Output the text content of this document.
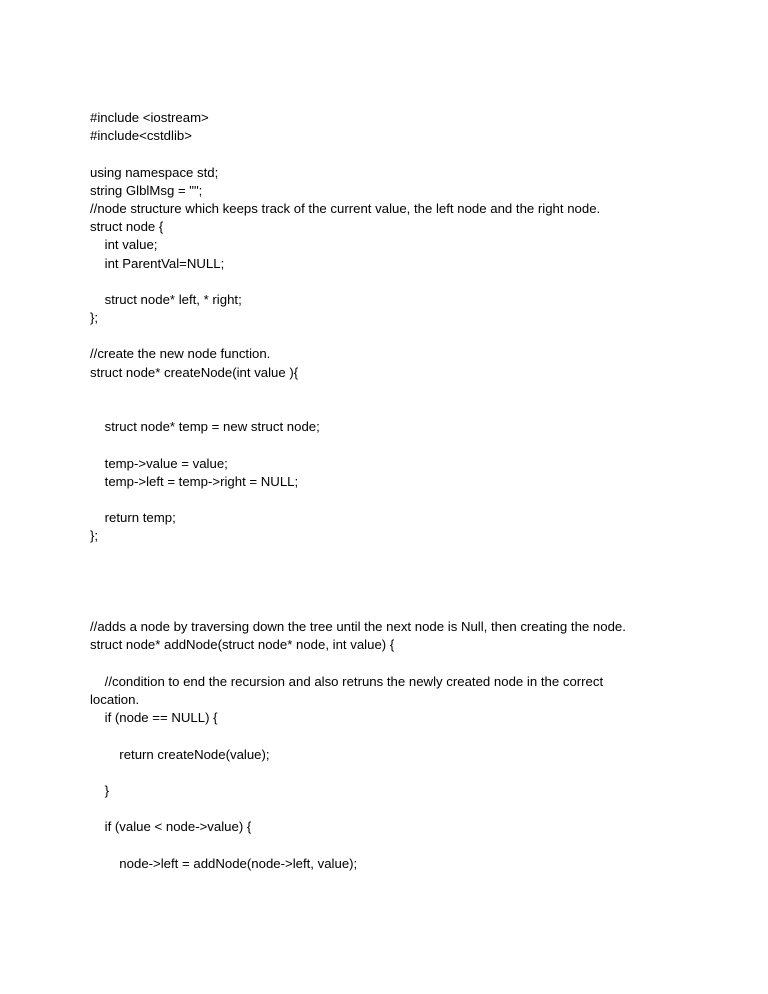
#include <iostream>
#include<cstdlib>
using namespace std;
string GlblMsg = "";
//node structure which keeps track of the current value, the left node and the right node.
struct node {
int value;
int ParentVal=NULL;
struct node* left, * right;
};
//create the new node function.
struct node* createNode(int value ){
struct node* temp = new struct node;
temp->value = value;
temp->left = temp->right = NULL;
return temp;
};
//adds a node by traversing down the tree until the next node is Null, then creating the node.
struct node* addNode(struct node* node, int value) {
//condition to end the recursion and also retruns the newly created node in the correct
location.
if (node == NULL) {
return createNode(value);
}
if (value < node->value) {
node->left = addNode(node->left, value);
